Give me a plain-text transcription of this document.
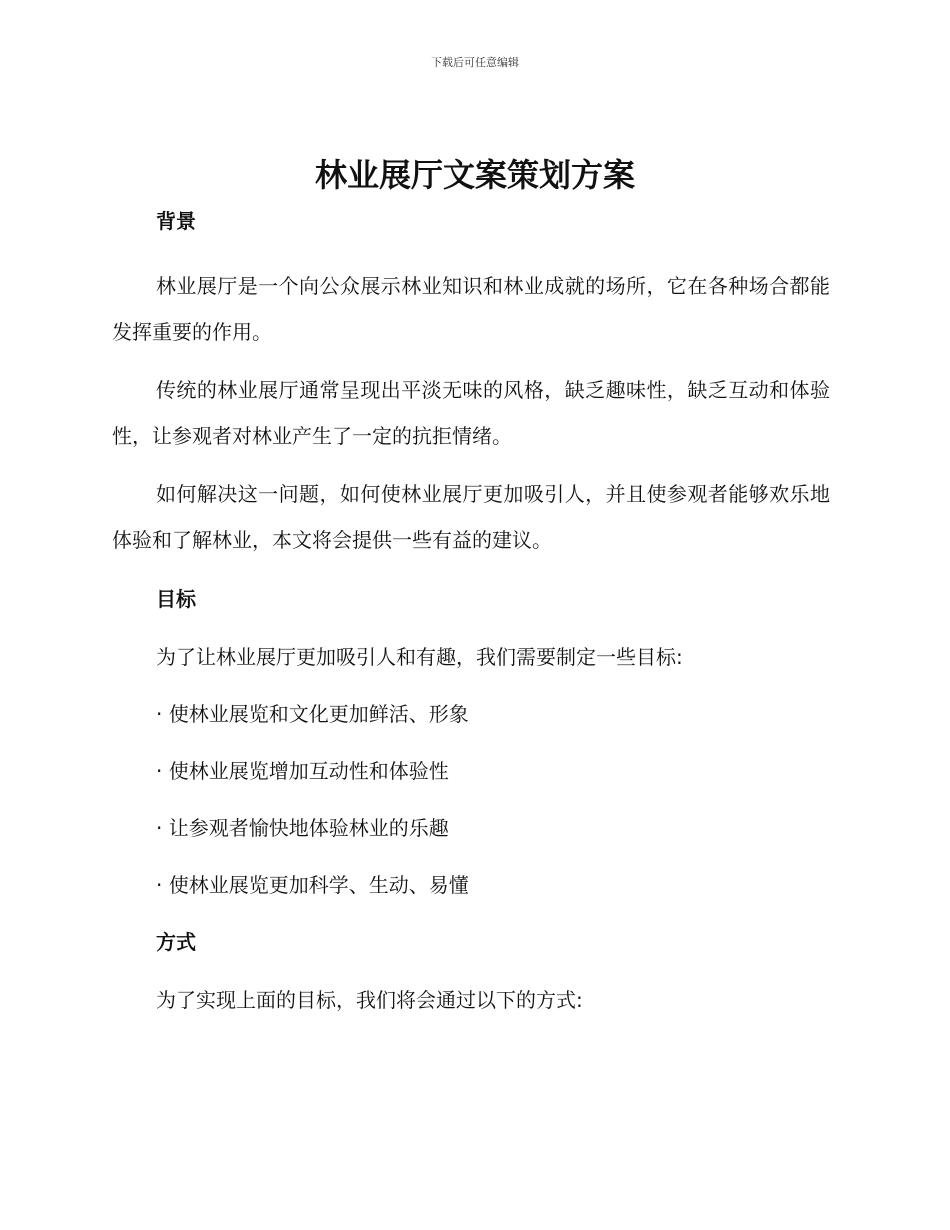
下载后可任意编辑
林业展厅文案策划方案
背景

林业展厅是一个向公众展示林业知识和林业成就的场所，它在各种场合都能发挥重要的作用。

传统的林业展厅通常呈现出平淡无味的风格，缺乏趣味性，缺乏互动和体验性，让参观者对林业产生了一定的抗拒情绪。

如何解决这一问题，如何使林业展厅更加吸引人，并且使参观者能够欢乐地体验和了解林业，本文将会提供一些有益的建议。

目标

为了让林业展厅更加吸引人和有趣，我们需要制定一些目标:

· 使林业展览和文化更加鲜活、形象

· 使林业展览增加互动性和体验性

· 让参观者愉快地体验林业的乐趣

· 使林业展览更加科学、生动、易懂

方式

为了实现上面的目标，我们将会通过以下的方式:
